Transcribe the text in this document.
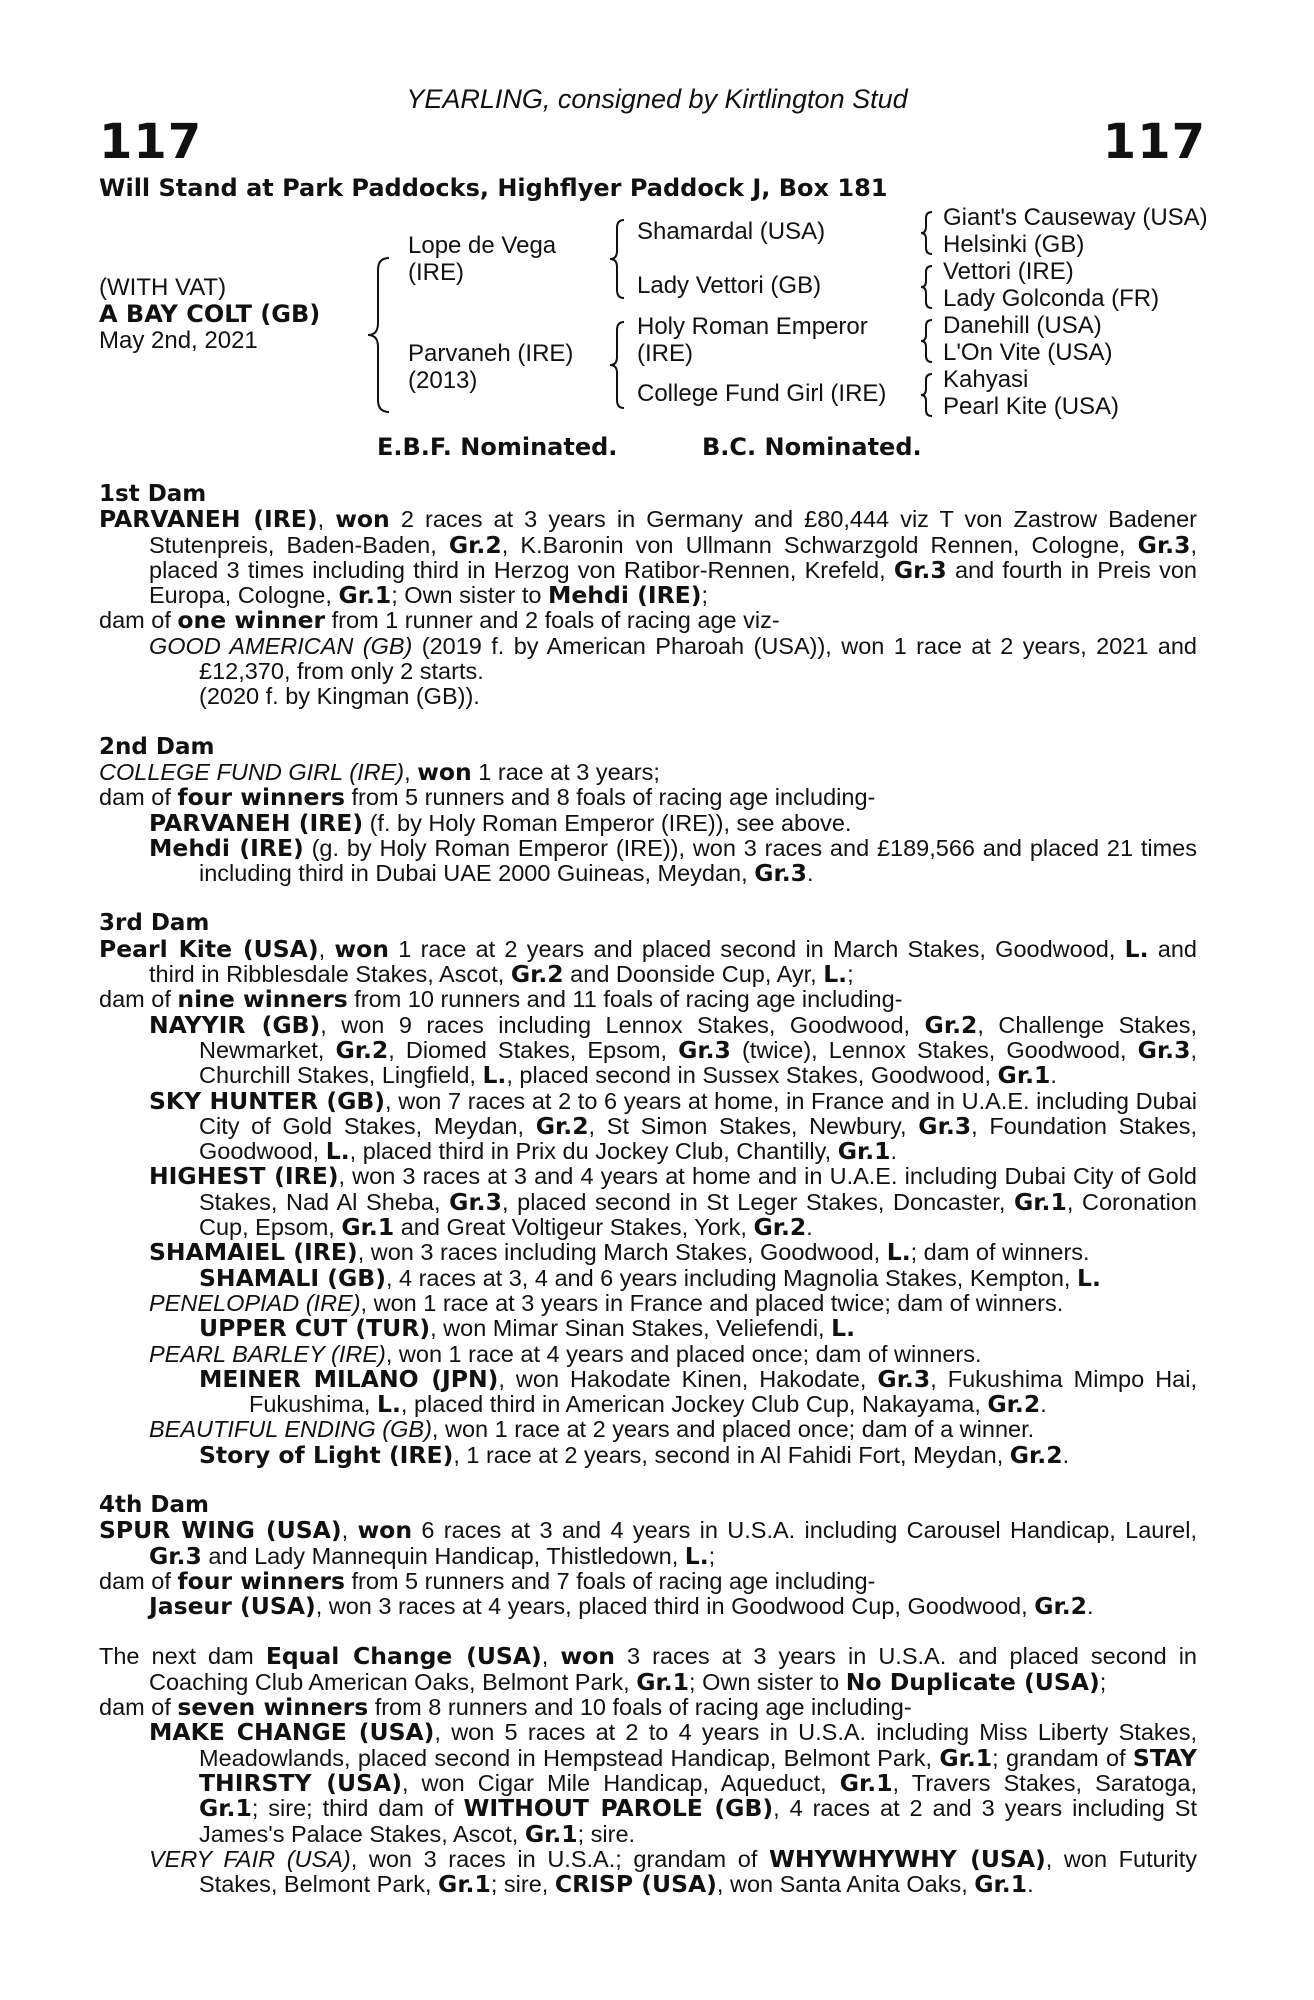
117
YEARLING, consigned by Kirtlington Stud
117
Will Stand at Park Paddocks, Highflyer Paddock J, Box 181
(WITH VAT)
A BAY COLT (GB)
May 2nd, 2021
Lope de Vega (IRE)
Parvaneh (IRE) (2013)
Shamardal (USA)
Lady Vettori (GB)
Holy Roman Emperor (IRE)
College Fund Girl (IRE)
Giant's Causeway (USA)
Helsinki (GB)
Vettori (IRE)
Lady Golconda (FR)
Danehill (USA)
L'On Vite (USA)
Kahyasi
Pearl Kite (USA)
E.B.F. Nominated.	B.C. Nominated.
1st Dam
PARVANEH (IRE), won 2 races at 3 years in Germany and £80,444 viz T von Zastrow Badener Stutenpreis, Baden-Baden, Gr.2, K.Baronin von Ullmann Schwarzgold Rennen, Cologne, Gr.3, placed 3 times including third in Herzog von Ratibor-Rennen, Krefeld, Gr.3 and fourth in Preis von Europa, Cologne, Gr.1; Own sister to Mehdi (IRE);
dam of one winner from 1 runner and 2 foals of racing age viz-
GOOD AMERICAN (GB) (2019 f. by American Pharoah (USA)), won 1 race at 2 years, 2021 and £12,370, from only 2 starts.
(2020 f. by Kingman (GB)).
2nd Dam
COLLEGE FUND GIRL (IRE), won 1 race at 3 years;
dam of four winners from 5 runners and 8 foals of racing age including-
PARVANEH (IRE) (f. by Holy Roman Emperor (IRE)), see above.
Mehdi (IRE) (g. by Holy Roman Emperor (IRE)), won 3 races and £189,566 and placed 21 times including third in Dubai UAE 2000 Guineas, Meydan, Gr.3.
3rd Dam
Pearl Kite (USA), won 1 race at 2 years and placed second in March Stakes, Goodwood, L. and third in Ribblesdale Stakes, Ascot, Gr.2 and Doonside Cup, Ayr, L.;
dam of nine winners from 10 runners and 11 foals of racing age including-
NAYYIR (GB), won 9 races including Lennox Stakes, Goodwood, Gr.2, Challenge Stakes, Newmarket, Gr.2, Diomed Stakes, Epsom, Gr.3 (twice), Lennox Stakes, Goodwood, Gr.3, Churchill Stakes, Lingfield, L., placed second in Sussex Stakes, Goodwood, Gr.1.
SKY HUNTER (GB), won 7 races at 2 to 6 years at home, in France and in U.A.E. including Dubai City of Gold Stakes, Meydan, Gr.2, St Simon Stakes, Newbury, Gr.3, Foundation Stakes, Goodwood, L., placed third in Prix du Jockey Club, Chantilly, Gr.1.
HIGHEST (IRE), won 3 races at 3 and 4 years at home and in U.A.E. including Dubai City of Gold Stakes, Nad Al Sheba, Gr.3, placed second in St Leger Stakes, Doncaster, Gr.1, Coronation Cup, Epsom, Gr.1 and Great Voltigeur Stakes, York, Gr.2.
SHAMAIEL (IRE), won 3 races including March Stakes, Goodwood, L.; dam of winners.
SHAMALI (GB), 4 races at 3, 4 and 6 years including Magnolia Stakes, Kempton, L.
PENELOPIAD (IRE), won 1 race at 3 years in France and placed twice; dam of winners.
UPPER CUT (TUR), won Mimar Sinan Stakes, Veliefendi, L.
PEARL BARLEY (IRE), won 1 race at 4 years and placed once; dam of winners.
MEINER MILANO (JPN), won Hakodate Kinen, Hakodate, Gr.3, Fukushima Mimpo Hai, Fukushima, L., placed third in American Jockey Club Cup, Nakayama, Gr.2.
BEAUTIFUL ENDING (GB), won 1 race at 2 years and placed once; dam of a winner.
Story of Light (IRE), 1 race at 2 years, second in Al Fahidi Fort, Meydan, Gr.2.
4th Dam
SPUR WING (USA), won 6 races at 3 and 4 years in U.S.A. including Carousel Handicap, Laurel, Gr.3 and Lady Mannequin Handicap, Thistledown, L.;
dam of four winners from 5 runners and 7 foals of racing age including-
Jaseur (USA), won 3 races at 4 years, placed third in Goodwood Cup, Goodwood, Gr.2.
The next dam Equal Change (USA), won 3 races at 3 years in U.S.A. and placed second in Coaching Club American Oaks, Belmont Park, Gr.1; Own sister to No Duplicate (USA);
dam of seven winners from 8 runners and 10 foals of racing age including-
MAKE CHANGE (USA), won 5 races at 2 to 4 years in U.S.A. including Miss Liberty Stakes, Meadowlands, placed second in Hempstead Handicap, Belmont Park, Gr.1; grandam of STAY THIRSTY (USA), won Cigar Mile Handicap, Aqueduct, Gr.1, Travers Stakes, Saratoga, Gr.1; sire; third dam of WITHOUT PAROLE (GB), 4 races at 2 and 3 years including St James's Palace Stakes, Ascot, Gr.1; sire.
VERY FAIR (USA), won 3 races in U.S.A.; grandam of WHYWHYWHY (USA), won Futurity Stakes, Belmont Park, Gr.1; sire, CRISP (USA), won Santa Anita Oaks, Gr.1.
